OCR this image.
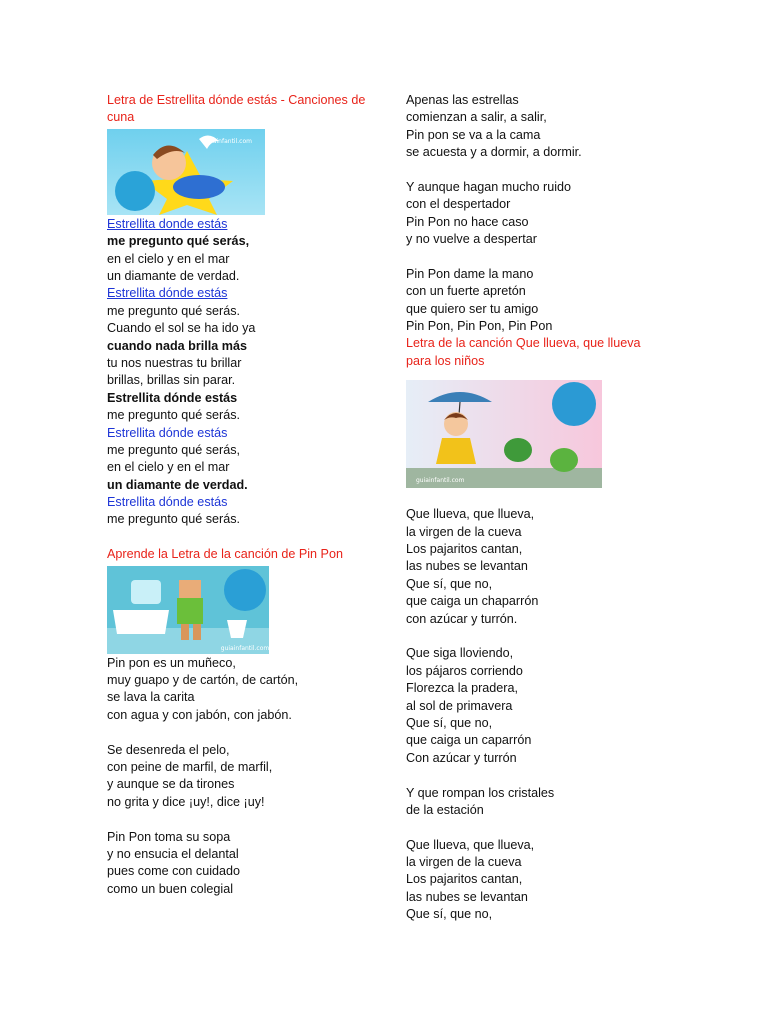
Letra de Estrellita dónde estás - Canciones de cuna
guiainfantil.com
Estrellita donde estás
me pregunto qué serás,
en el cielo y en el mar
un diamante de verdad.
Estrellita dónde estás
me pregunto qué serás.
Cuando el sol se ha ido ya
cuando nada brilla más
tu nos nuestras tu brillar
brillas, brillas sin parar.
Estrellita dónde estás
me pregunto qué serás.
Estrellita dónde estás
me pregunto qué serás,
en el cielo y en el mar
un diamante de verdad.
Estrellita dónde estás
me pregunto qué serás.
Aprende la Letra de la canción de Pin Pon
guiainfantil.com
Pin pon es un muñeco,
muy guapo y de cartón, de cartón,
se lava la carita
con agua y con jabón, con jabón.
Se desenreda el pelo,
con peine de marfil, de marfil,
y aunque se da tirones
no grita y dice ¡uy!, dice ¡uy!
Pin Pon toma su sopa
y no ensucia el delantal
pues come con cuidado
como un buen colegial
Apenas las estrellas
comienzan a salir, a salir,
Pin pon se va a la cama
se acuesta y a dormir, a dormir.
Y aunque hagan mucho ruido
con el despertador
Pin Pon no hace caso
y no vuelve a despertar
Pin Pon dame la mano
con un fuerte apretón
que quiero ser tu amigo
Pin Pon, Pin Pon, Pin Pon
Letra de la canción Que llueva, que llueva para los niños
guiainfantil.com
Que llueva, que llueva,
la virgen de la cueva
Los pajaritos cantan,
las nubes se levantan
Que sí, que no,
que caiga un chaparrón
con azúcar y turrón.
Que siga lloviendo,
los pájaros corriendo
Florezca la pradera,
al sol de primavera
Que sí, que no,
que caiga un caparrón
Con azúcar y turrón
Y que rompan los cristales
de la estación
Que llueva, que llueva,
la virgen de la cueva
Los pajaritos cantan,
las nubes se levantan
Que sí, que no,
